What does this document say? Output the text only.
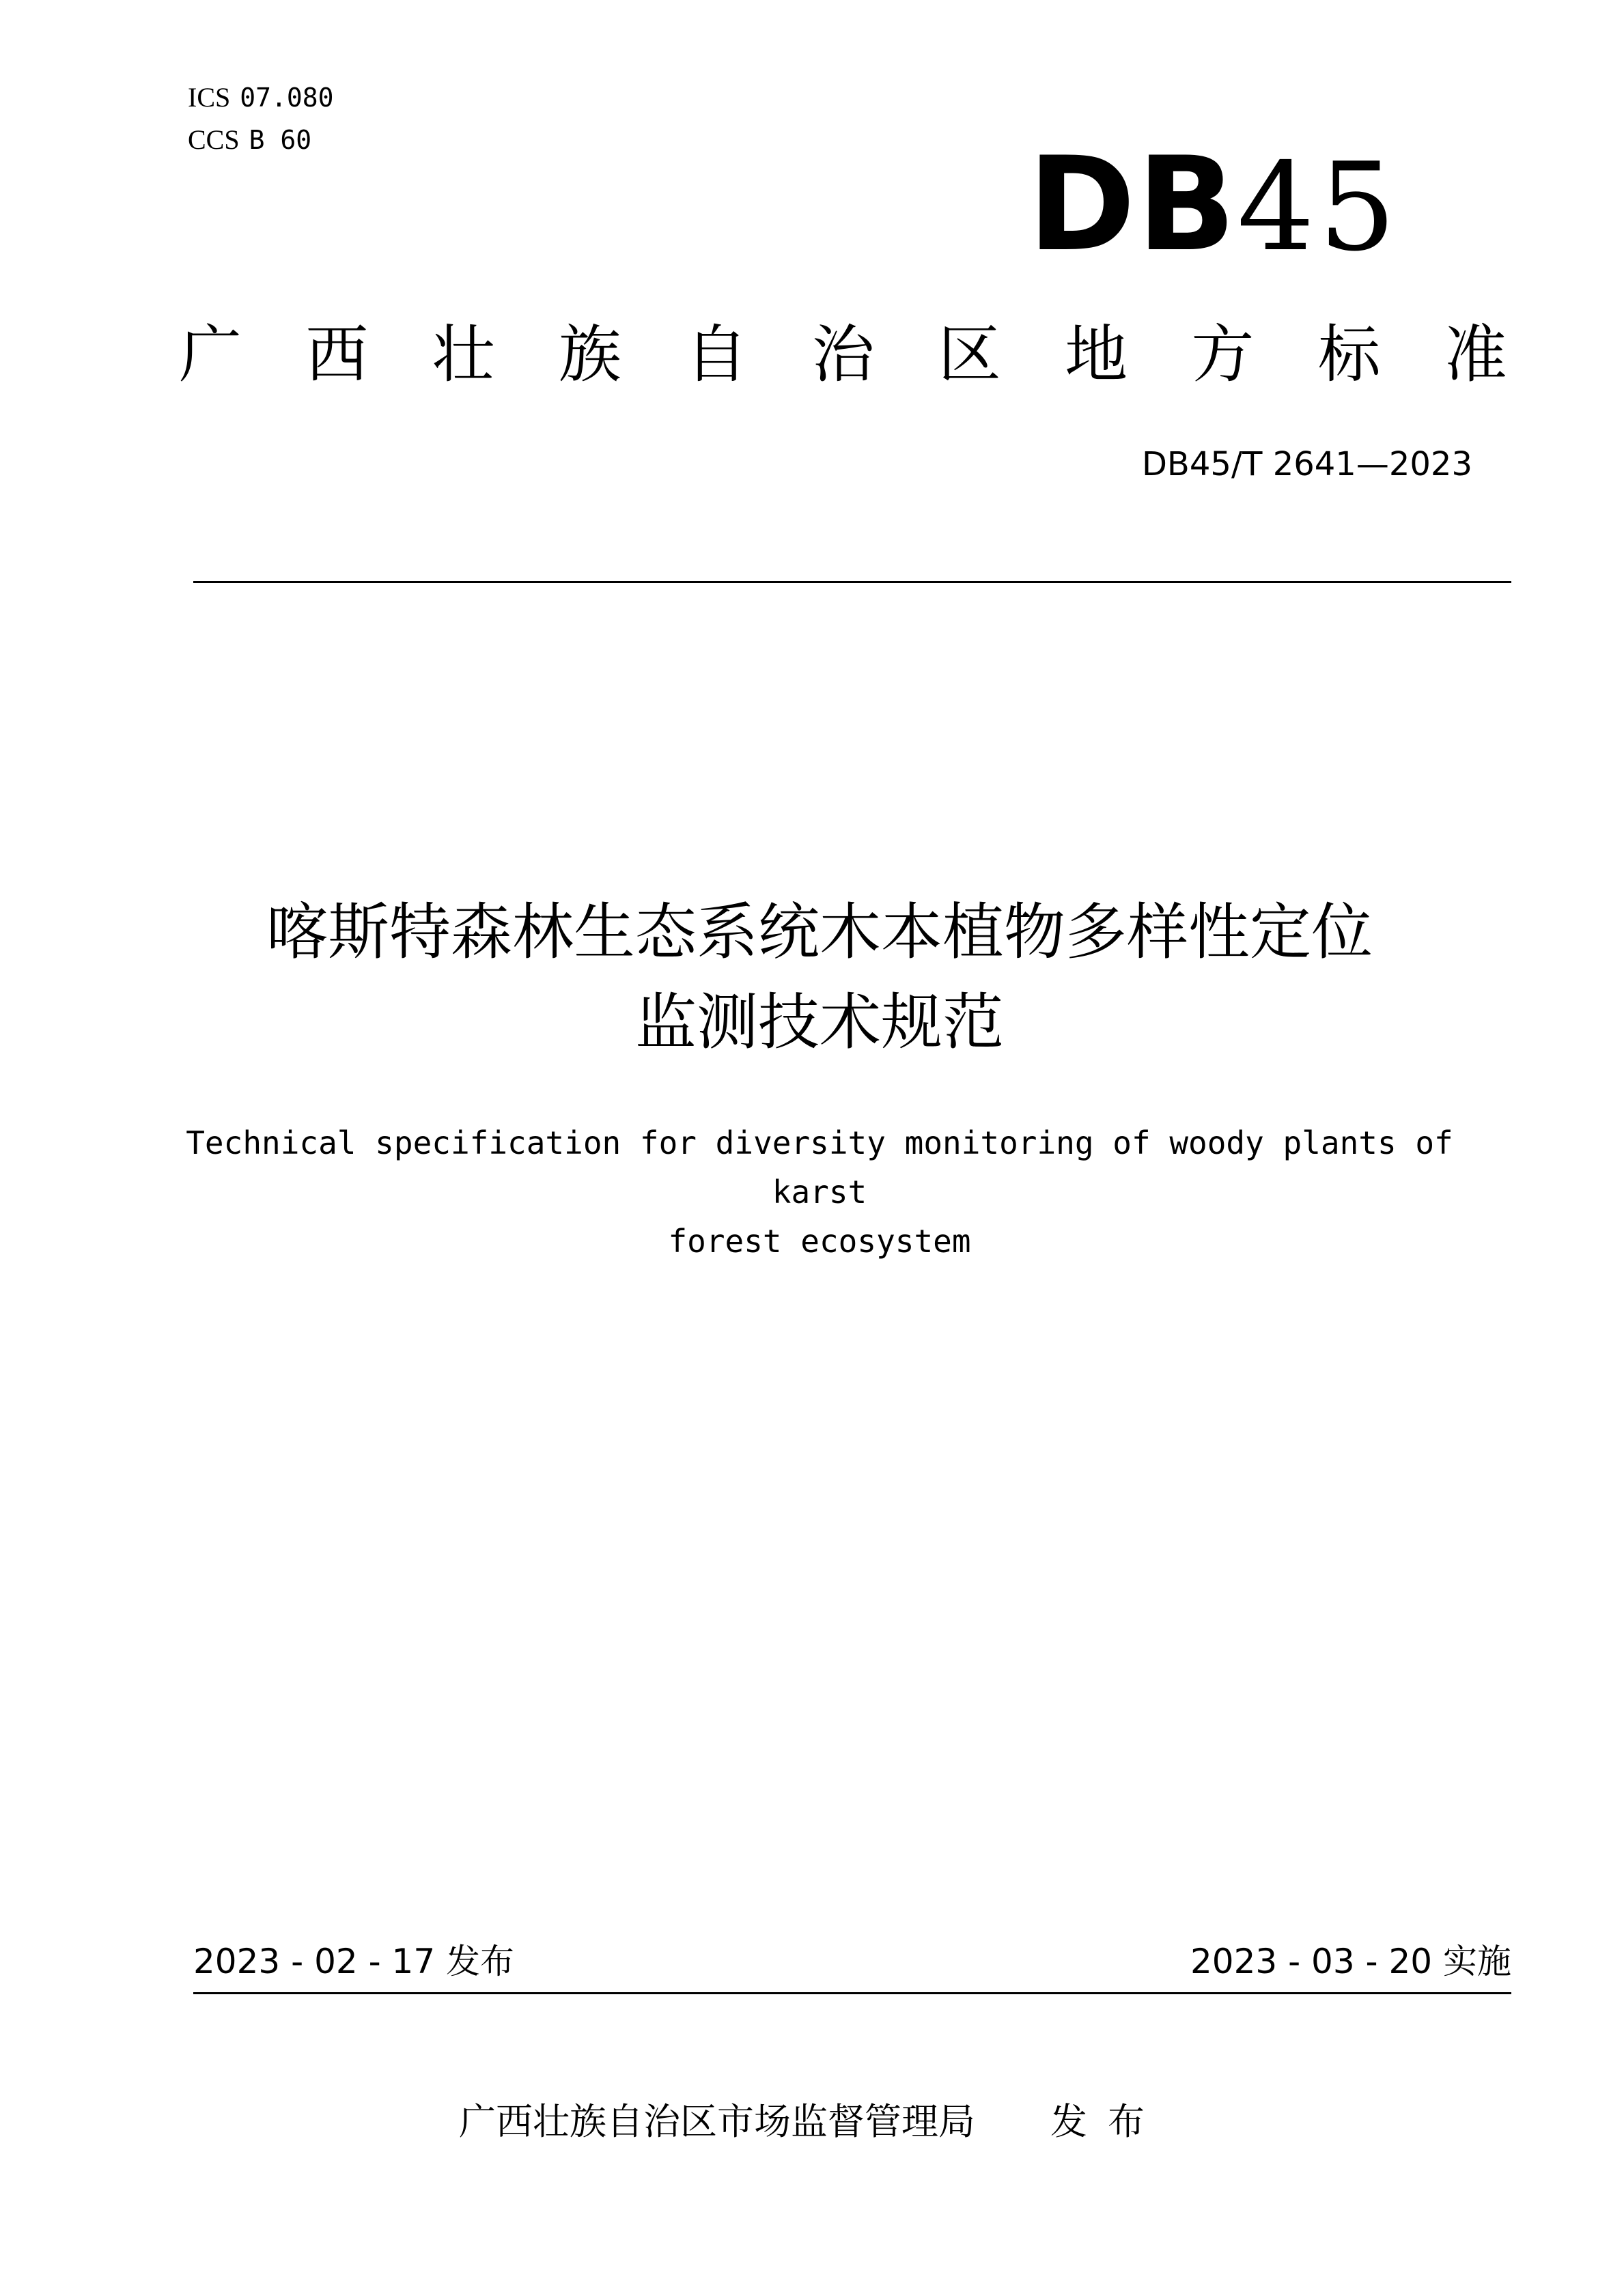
ICS 07.080
CCS B 60	DB45
广 西 壮 族 自 治 区 地 方 标 准
DB45/T 2641—2023
喀斯特森林生态系统木本植物多样性定位
监测技术规范
Technical specification for diversity monitoring of woody plants of karst
forest ecosystem
2023 - 02 - 17 发布	2023 - 03 - 20 实施
广西壮族自治区市场监督管理局 发布
